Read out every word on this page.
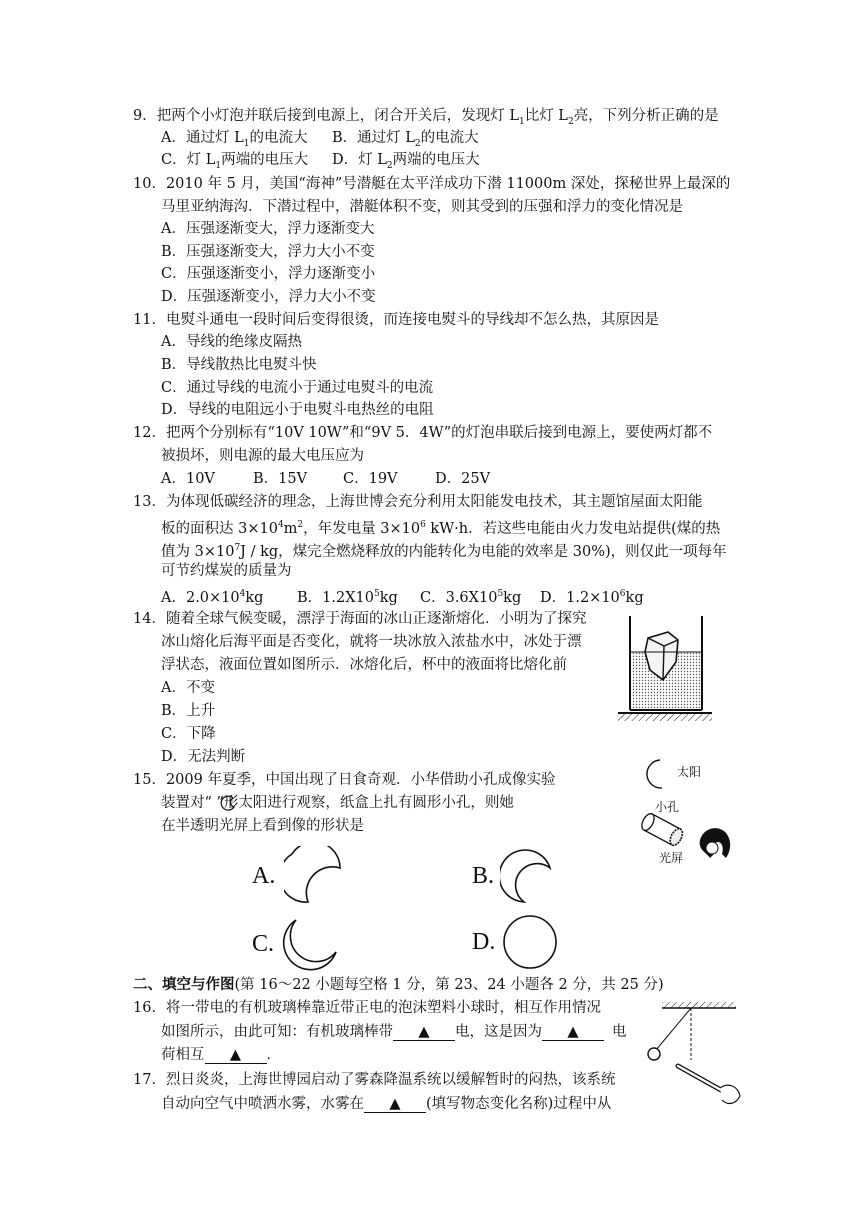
9．把两个小灯泡并联后接到电源上，闭合开关后，发现灯 $L_1$比灯 $L_2$亮，下列分析正确的是
A．通过灯 $L_1$的电流大 B．通过灯 $L_2$的电流大
C．灯 $L_1$两端的电压大 D．灯 $L_2$两端的电压大
10．2010 年 5 月，美国“海神”号潜艇在太平洋成功下潜 11000m 深处，探秘世界上最深的
马里亚纳海沟．下潜过程中，潜艇体积不变，则其受到的压强和浮力的变化情况是
A．压强逐渐变大，浮力逐渐变大
B．压强逐渐变大，浮力大小不变
C．压强逐渐变小，浮力逐渐变小
D．压强逐渐变小，浮力大小不变
11．电熨斗通电一段时间后变得很烫，而连接电熨斗的导线却不怎么热，其原因是
A．导线的绝缘皮隔热
B．导线散热比电熨斗快
C．通过导线的电流小于通过电熨斗的电流
D．导线的电阻远小于电熨斗电热丝的电阻
12．把两个分别标有“10V 10W”和“9V 5．4W”的灯泡串联后接到电源上，要使两灯都不
被损坏，则电源的最大电压应为
A．10V	B．15V C．19V	D．25V
13．为体现低碳经济的理念，上海世博会充分利用太阳能发电技术，其主题馆屋面太阳能
板的面积达 $3\times 10^4m^2$，年发电量 $3\times 10^6$ kW·h．若这些电能由火力发电站提供(煤的热
值为 $3\times 10^7J$ / kg，煤完全燃烧释放的内能转化为电能的效率是 30%)，则仅此一项每年
可节约煤炭的质量为
A．$2.0\times 10^4kg$ B．$1.2X10^5kg$ C．$3.6X10^5kg$ D．$1.2\times 10^6kg$
14．随着全球气候变暖，漂浮于海面的冰山正逐渐熔化．小明为了探究
冰山熔化后海平面是否变化，就将一块冰放入浓盐水中，冰处于漂
浮状态，液面位置如图所示．冰熔化后，杯中的液面将比熔化前
A．不变
B．上升
C．下降
D．无法判断
15．2009 年夏季，中国出现了日食奇观．小华借助小孔成像实验
装置对“ ”形太阳进行观察，纸盒上扎有圆形小孔，则她
在半透明光屏上看到像的形状是
太阳
小孔
光屏
A.	B.
C.	D.
二、填空与作图(第 16～22 小题每空格 1 分，第 23、24 小题各 2 分，共 25 分)
16．将一带电的有机玻璃棒靠近带正电的泡沫塑料小球时，相互作用情况
如图所示，由此可知：有机玻璃棒带 ▲ 电，这是因为 ▲ 电
荷相互 ▲ ．
17．烈日炎炎，上海世博园启动了雾森降温系统以缓解暂时的闷热，该系统
自动向空气中喷洒水雾，水雾在 ▲ (填写物态变化名称)过程中从
